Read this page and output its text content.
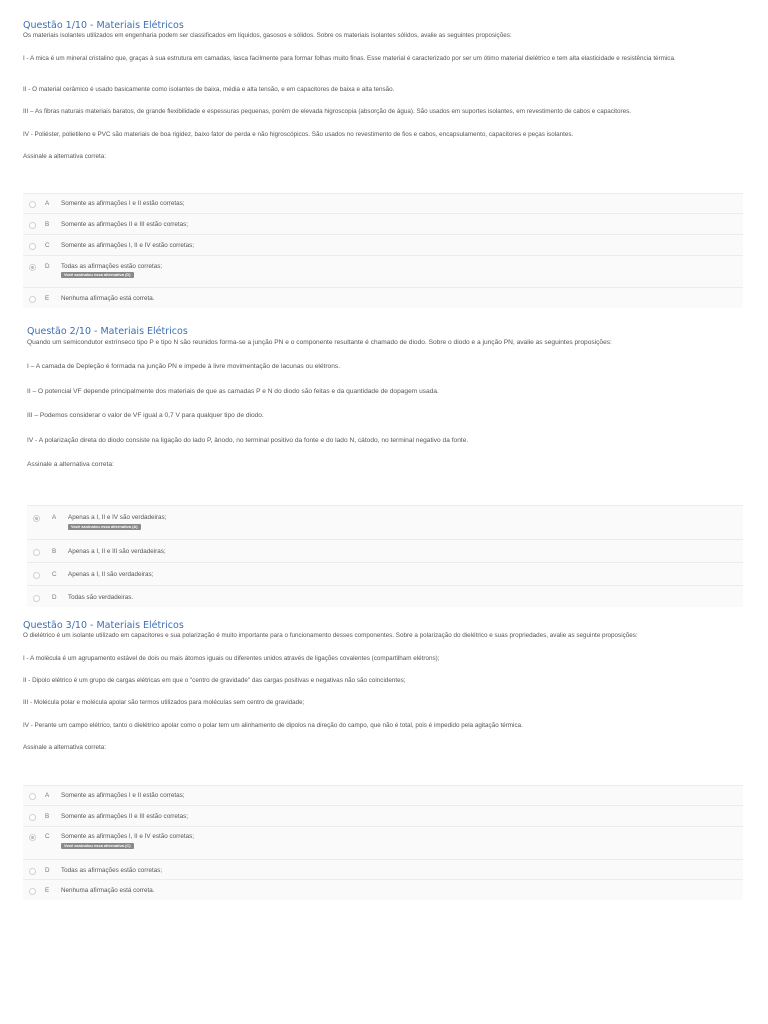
Questão 1/10 - Materiais Elétricos

Os materiais isolantes utilizados em engenharia podem ser classificados em líquidos, gasosos e sólidos. Sobre os materiais isolantes sólidos, avalie as seguintes proposições:

I - A mica é um mineral cristalino que, graças à sua estrutura em camadas, lasca facilmente para formar folhas muito finas. Esse material é caracterizado por ser um ótimo material dielétrico e tem alta elasticidade e resistência térmica.

II - O material cerâmico é usado basicamente como isolantes de baixa, média e alta tensão, e em capacitores de baixa e alta tensão.

III – As fibras naturais materiais baratos, de grande flexibilidade e espessuras pequenas, porém de elevada higroscopia (absorção de água). São usados em suportes isolantes, em revestimento de cabos e capacitores.

IV - Poliéster, polietileno e PVC são materiais de boa rigidez, baixo fator de perda e não higroscópicos. São usados no revestimento de fios e cabos, encapsulamento, capacitores e peças isolantes.

Assinale a alternativa correta:

A Somente as afirmações I e II estão corretas;
B Somente as afirmações II e III estão corretas;
C Somente as afirmações I, II e IV estão corretas;
D Todas as afirmações estão corretas;
Você assinalou essa alternativa (D)
E Nenhuma afirmação está correta.
Questão 2/10 - Materiais Elétricos

Quando um semicondutor extrínseco tipo P e tipo N são reunidos forma-se a junção PN e o componente resultante é chamado de diodo. Sobre o diodo e a junção PN, avalie as seguintes proposições:

I – A camada de Depleção é formada na junção PN e impede à livre movimentação de lacunas ou elétrons.

II – O potencial VF depende principalmente dos materiais de que as camadas P e N do diodo são feitas e da quantidade de dopagem usada.

III – Podemos considerar o valor de VF igual a 0,7 V para qualquer tipo de diodo.

IV - A polarização direta do diodo consiste na ligação do lado P, ânodo, no terminal positivo da fonte e do lado N, cátodo, no terminal negativo da fonte.

Assinale a alternativa correta:

A Apenas a I, II e IV são verdadeiras;
Você assinalou essa alternativa (A)
B Apenas a I, II e III são verdadeiras;
C Apenas a I, II são verdadeiras;
D Todas são verdadeiras.
Questão 3/10 - Materiais Elétricos

O dielétrico é um isolante utilizado em capacitores e sua polarização é muito importante para o funcionamento desses componentes. Sobre a polarização do dielétrico e suas propriedades, avalie as seguinte proposições:

I - A molécula é um agrupamento estável de dois ou mais átomos iguais ou diferentes unidos através de ligações covalentes (compartilham elétrons);

II - Dipolo elétrico é um grupo de cargas elétricas em que o "centro de gravidade" das cargas positivas e negativas não são coincidentes;

III - Molécula polar e molécula apolar são termos utilizados para moléculas sem centro de gravidade;

IV - Perante um campo elétrico, tanto o dielétrico apolar como o polar tem um alinhamento de dipolos na direção do campo, que não é total, pois é impedido pela agitação térmica.

Assinale a alternativa correta:

A Somente as afirmações I e II estão corretas;
B Somente as afirmações II e III estão corretas;
C Somente as afirmações I, II e IV estão corretas;
Você assinalou essa alternativa (C)
D Todas as afirmações estão corretas;
E Nenhuma afirmação está correta.
